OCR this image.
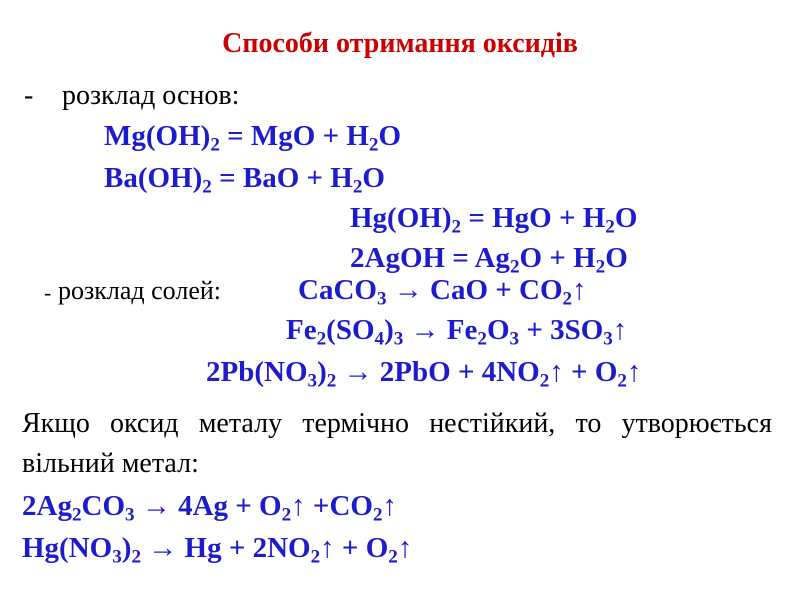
Способи отримання оксидів
- розклад основ:
$Mg(OH)_2$ = MgO + $H_2O$
$Ba(OH)_2$ = BaO + $H_2O$
$Hg(OH)_2$ = HgO + $H_2O$
2AgOH = $Ag_2O + H_2O$
- розклад солей:	CaCO$_3$ → CaO + $CO_2↑$
$Fe_2(SO_4)_3 \to Fe_2O_3$ + $3SO_3↑$
$2Pb(NO_3)_2 \to 2PbO$ + $4NO_2↑$ + $O_2↑$
Якщо оксид металу термічно нестійкий, то утворюється вільний метал:
$2Ag_2CO_3 \to 4Ag$ + $O_2↑$ $+CO_2↑$
$Hg(NO_3)_2 \to Hg$ + $2NO_2↑$ + $O_2↑$
